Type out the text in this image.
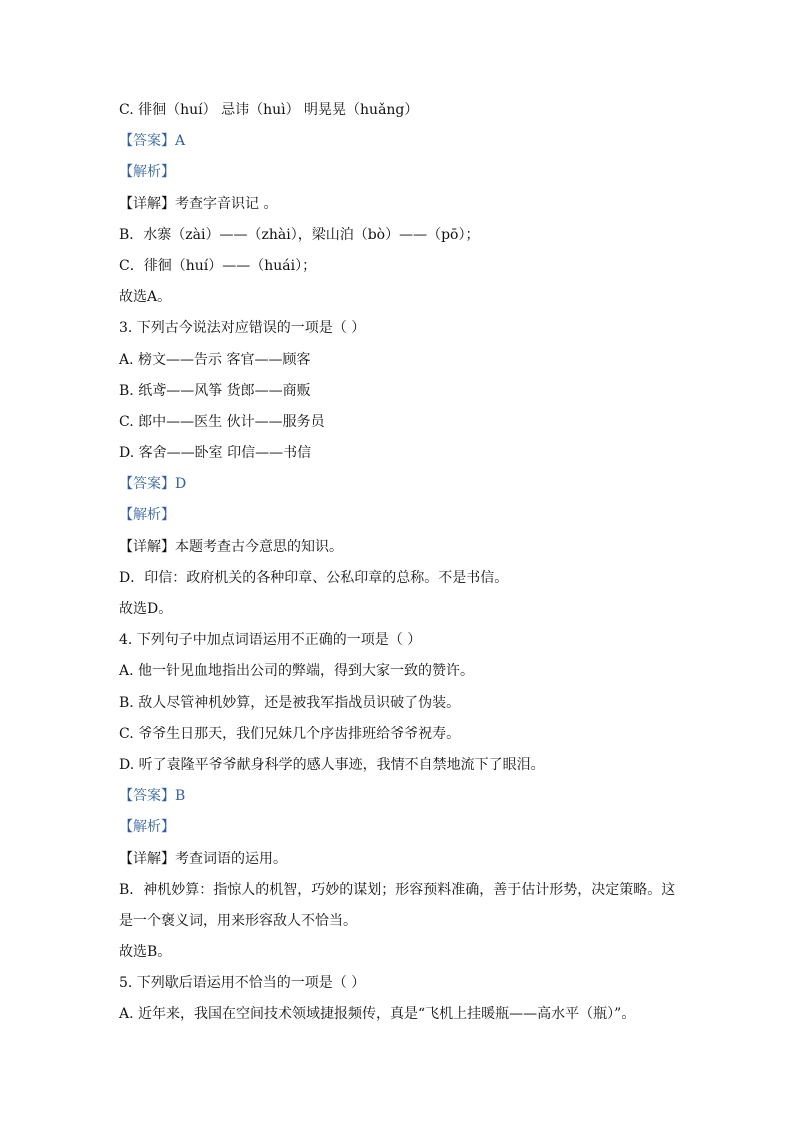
C. 徘徊（huí） 忌讳（huì） 明晃晃（huǎng）
【答案】A
【解析】
【详解】考查字音识记 。
B．水寨（zài）——（zhài），梁山泊（bò）——（pō）；
C．徘徊（huí）——（huái）；
故选A。
3. 下列古今说法对应错误的一项是（ ）
A. 榜文——告示 客官——顾客
B. 纸鸢——风筝 货郎——商贩
C. 郎中——医生 伙计——服务员
D. 客舍——卧室 印信——书信
【答案】D
【解析】
【详解】本题考查古今意思的知识。
D．印信：政府机关的各种印章、公私印章的总称。不是书信。
故选D。
4. 下列句子中加点词语运用不正确的一项是（ ）
A. 他一针见血地指出公司的弊端，得到大家一致的赞许。
B. 敌人尽管神机妙算，还是被我军指战员识破了伪装。
C. 爷爷生日那天，我们兄妹几个序齿排班给爷爷祝寿。
D. 听了袁隆平爷爷献身科学的感人事迹，我情不自禁地流下了眼泪。
【答案】B
【解析】
【详解】考查词语的运用。
B．神机妙算：指惊人的机智，巧妙的谋划；形容预料准确，善于估计形势，决定策略。这
是一个褒义词，用来形容敌人不恰当。
故选B。
5. 下列歇后语运用不恰当的一项是（ ）
A. 近年来，我国在空间技术领域捷报频传，真是“飞机上挂暖瓶——高水平（瓶）”。
